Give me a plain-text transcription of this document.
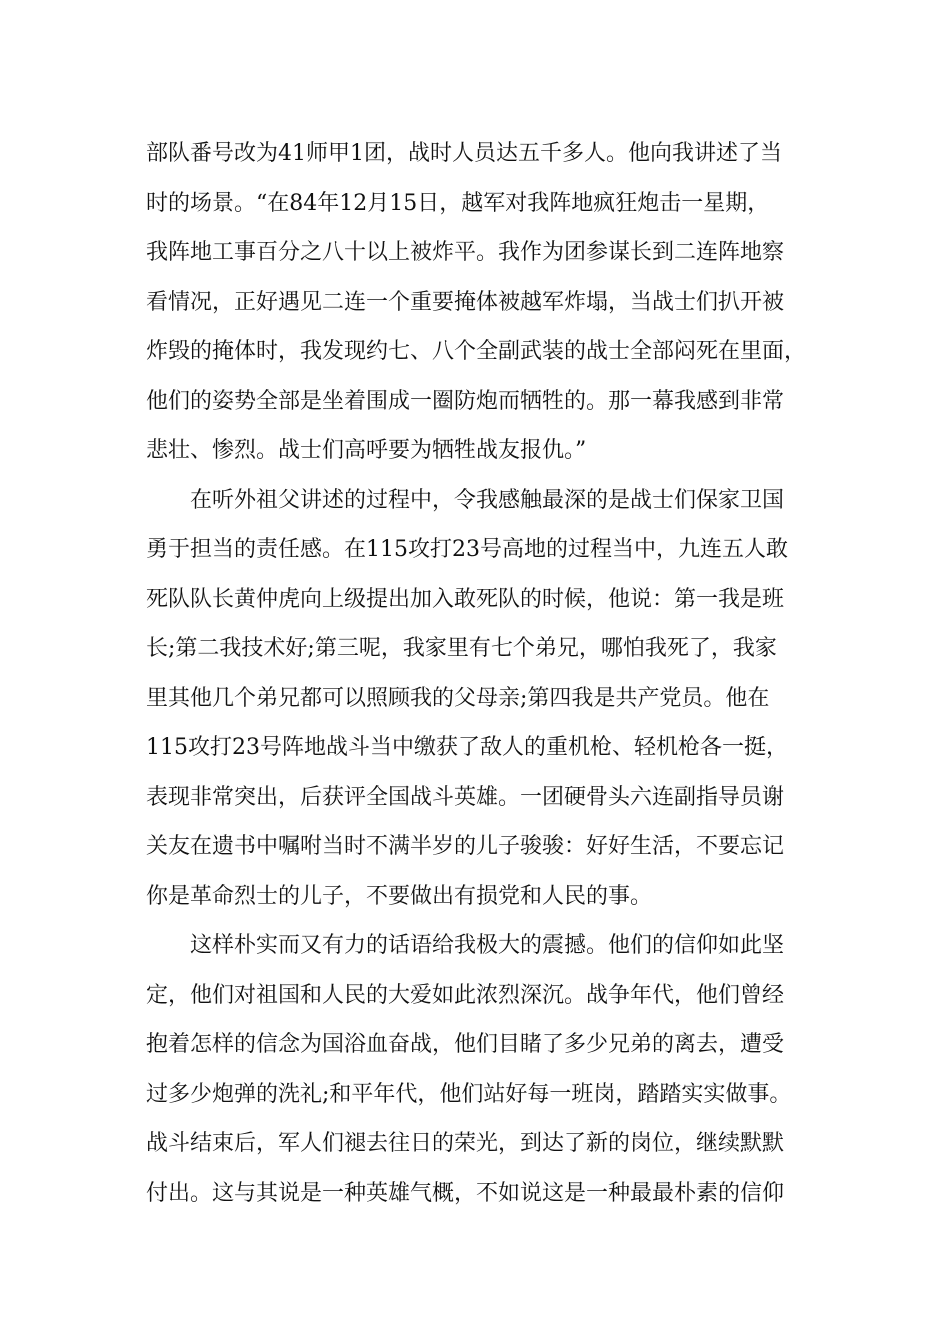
部队番号改为41师甲1团，战时人员达五千多人。他向我讲述了当
时的场景。“在84年12月15日，越军对我阵地疯狂炮击一星期，
我阵地工事百分之八十以上被炸平。我作为团参谋长到二连阵地察
看情况，正好遇见二连一个重要掩体被越军炸塌，当战士们扒开被
炸毁的掩体时，我发现约七、八个全副武装的战士全部闷死在里面，
他们的姿势全部是坐着围成一圈防炮而牺牲的。那一幕我感到非常
悲壮、惨烈。战士们高呼要为牺牲战友报仇。”
在听外祖父讲述的过程中，令我感触最深的是战士们保家卫国
勇于担当的责任感。在115攻打23号高地的过程当中，九连五人敢
死队队长黄仲虎向上级提出加入敢死队的时候，他说：第一我是班
长;第二我技术好;第三呢，我家里有七个弟兄，哪怕我死了，我家
里其他几个弟兄都可以照顾我的父母亲;第四我是共产党员。他在
115攻打23号阵地战斗当中缴获了敌人的重机枪、轻机枪各一挺，
表现非常突出，后获评全国战斗英雄。一团硬骨头六连副指导员谢
关友在遗书中嘱咐当时不满半岁的儿子骏骏：好好生活，不要忘记
你是革命烈士的儿子，不要做出有损党和人民的事。
这样朴实而又有力的话语给我极大的震撼。他们的信仰如此坚
定，他们对祖国和人民的大爱如此浓烈深沉。战争年代，他们曾经
抱着怎样的信念为国浴血奋战，他们目睹了多少兄弟的离去，遭受
过多少炮弹的洗礼;和平年代，他们站好每一班岗，踏踏实实做事。
战斗结束后，军人们褪去往日的荣光，到达了新的岗位，继续默默
付出。这与其说是一种英雄气概，不如说这是一种最最朴素的信仰
